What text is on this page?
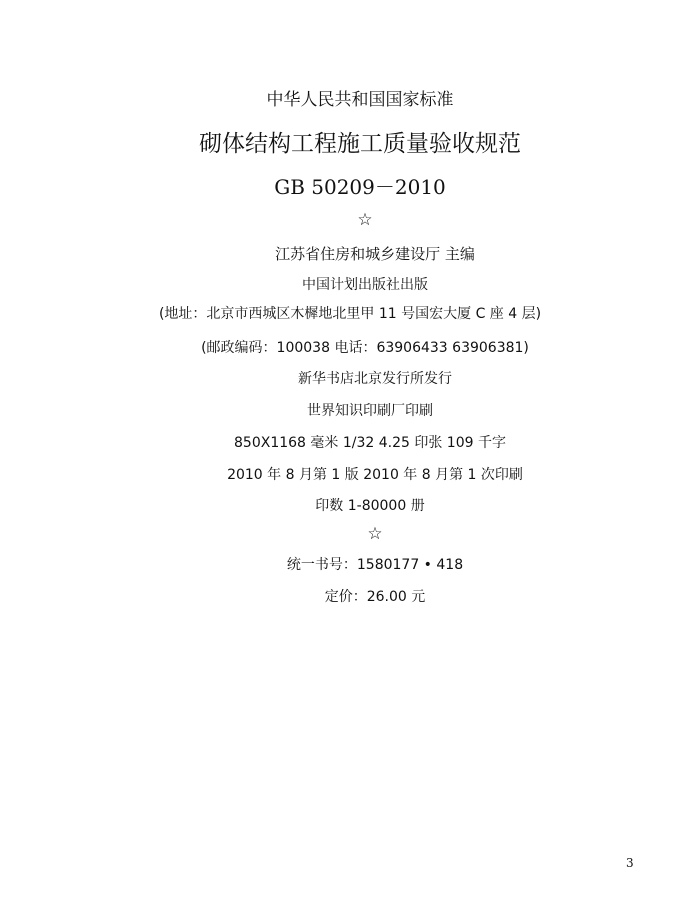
中华人民共和国国家标准
砌体结构工程施工质量验收规范
GB 50209－2010
☆
江苏省住房和城乡建设厅 主编
中国计划出版社出版
(地址：北京市西城区木樨地北里甲 11 号国宏大厦 C 座 4 层)
(邮政编码：100038 电话：63906433 63906381)
新华书店北京发行所发行
世界知识印刷厂印刷
850X1168 毫米 1/32 4.25 印张 109 千字
2010 年 8 月第 1 版 2010 年 8 月第 1 次印刷
印数 1-80000 册
☆
统一书号：1580177 • 418
定价：26.00 元
3
